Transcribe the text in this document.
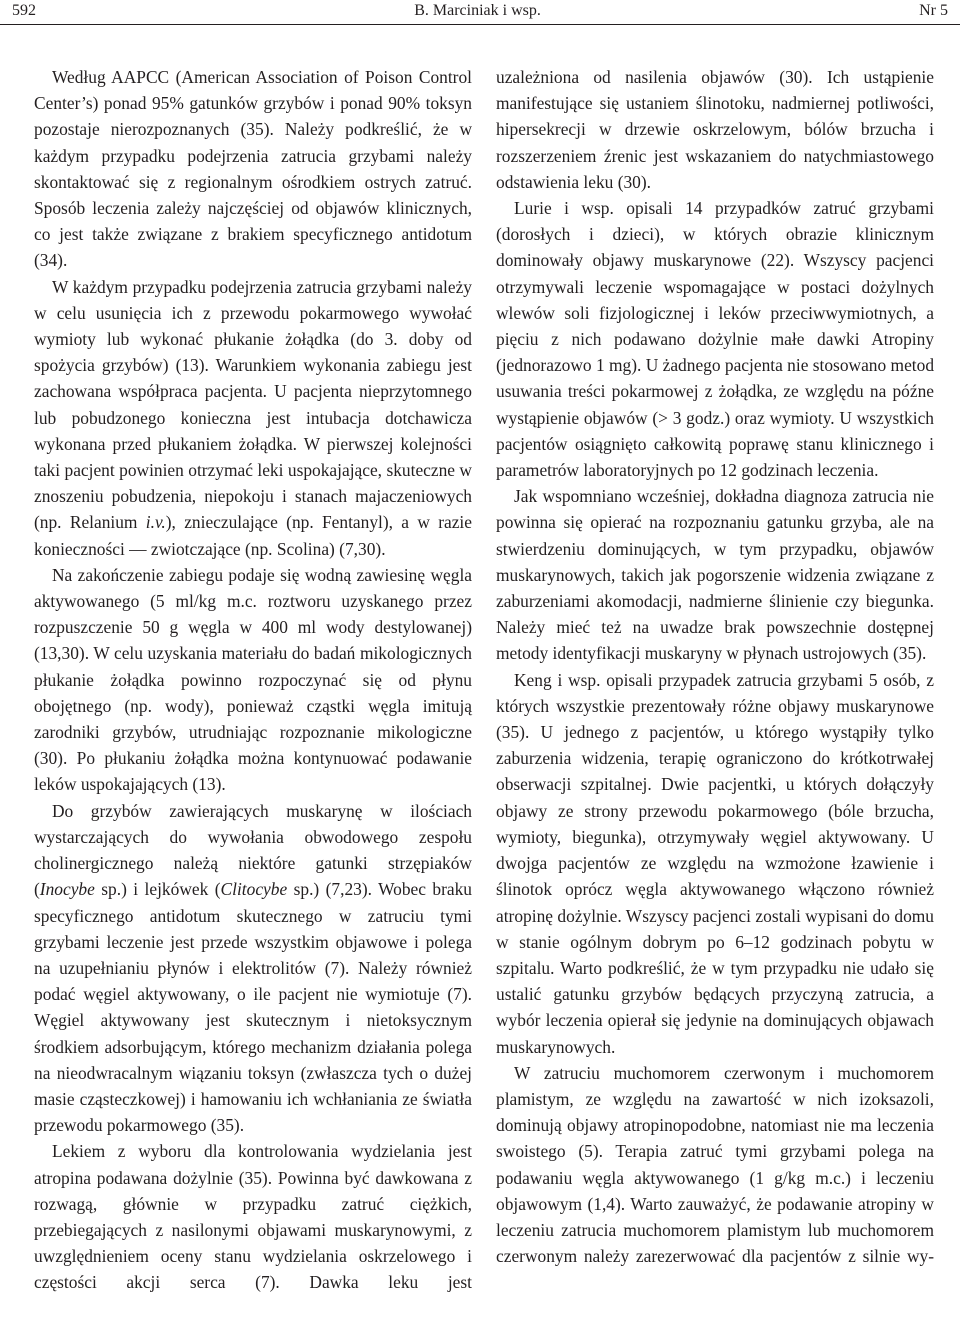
592	B. Marciniak i wsp.	Nr 5

Według AAPCC (American Association of Poison Control Center’s) ponad 95% gatunków grzybów i ponad 90% toksyn pozostaje nierozpoznanych (35). Należy podkreślić, że w każdym przypadku podejrzenia zatrucia grzybami należy skontaktować się z regionalnym ośrodkiem ostrych zatruć. Sposób leczenia zależy najczęściej od objawów klinicznych, co jest także związane z brakiem specyficznego antidotum (34).

W każdym przypadku podejrzenia zatrucia grzybami należy w celu usunięcia ich z przewodu pokarmowego wywołać wymioty lub wykonać płukanie żołądka (do 3. doby od spożycia grzybów) (13). Warunkiem wykonania zabiegu jest zachowana współpraca pacjenta. U pacjenta nieprzytomnego lub pobudzonego konieczna jest intubacja dotchawicza wykonana przed płukaniem żołądka. W pierwszej kolejności taki pacjent powinien otrzymać leki uspokajające, skuteczne w znoszeniu pobudzenia, niepokoju i stanach majaczeniowych (np. Relanium i.v.), znieczulające (np. Fentanyl), a w razie konieczności — zwiotczające (np. Scolina) (7,30).

Na zakończenie zabiegu podaje się wodną zawiesinę węgla aktywowanego (5 ml/kg m.c. roztworu uzyskanego przez rozpuszczenie 50 g węgla w 400 ml wody destylowanej) (13,30). W celu uzyskania materiału do badań mikologicznych płukanie żołądka powinno rozpoczynać się od płynu obojętnego (np. wody), ponieważ cząstki węgla imitują zarodniki grzybów, utrudniając rozpoznanie mikologiczne (30). Po płukaniu żołądka można kontynuować podawanie leków uspokajających (13).

Do grzybów zawierających muskarynę w ilościach wystarczających do wywołania obwodowego zespołu cholinergicznego należą niektóre gatunki strzępiaków (Inocybe sp.) i lejkówek (Clitocybe sp.) (7,23). Wobec braku specyficznego antidotum skutecznego w zatruciu tymi grzybami leczenie jest przede wszystkim objawowe i polega na uzupełnianiu płynów i elektrolitów (7). Należy również podać węgiel aktywowany, o ile pacjent nie wymiotuje (7). Węgiel aktywowany jest skutecznym i nietoksycznym środkiem adsorbującym, którego mechanizm działania polega na nieodwracalnym wiązaniu toksyn (zwłaszcza tych o dużej masie cząsteczkowej) i hamowaniu ich wchłaniania ze światła przewodu pokarmowego (35).

Lekiem z wyboru dla kontrolowania wydzielania jest atropina podawana dożylnie (35). Powinna być dawkowana z rozwagą, głównie w przypadku zatruć ciężkich, przebiegających z nasilonymi objawami muskarynowymi, z uwzględnieniem oceny stanu wydzielania oskrzelowego i częstości akcji serca (7). Dawka leku jest

uzależniona od nasilenia objawów (30). Ich ustąpienie manifestujące się ustaniem ślinotoku, nadmiernej potliwości, hipersekrecji w drzewie oskrzelowym, bólów brzucha i rozszerzeniem źrenic jest wskazaniem do natychmiastowego odstawienia leku (30).

Lurie i wsp. opisali 14 przypadków zatruć grzybami (dorosłych i dzieci), w których obrazie klinicznym dominowały objawy muskarynowe (22). Wszyscy pacjenci otrzymywali leczenie wspomagające w postaci dożylnych wlewów soli fizjologicznej i leków przeciwwymiotnych, a pięciu z nich podawano dożylnie małe dawki Atropiny (jednorazowo 1 mg). U żadnego pacjenta nie stosowano metod usuwania treści pokarmowej z żołądka, ze względu na późne wystąpienie objawów (> 3 godz.) oraz wymioty. U wszystkich pacjentów osiągnięto całkowitą poprawę stanu klinicznego i parametrów laboratoryjnych po 12 godzinach leczenia.

Jak wspomniano wcześniej, dokładna diagnoza zatrucia nie powinna się opierać na rozpoznaniu gatunku grzyba, ale na stwierdzeniu dominujących, w tym przypadku, objawów muskarynowych, takich jak pogorszenie widzenia związane z zaburzeniami akomodacji, nadmierne ślinienie czy biegunka. Należy mieć też na uwadze brak powszechnie dostępnej metody identyfikacji muskaryny w płynach ustrojowych (35).

Keng i wsp. opisali przypadek zatrucia grzybami 5 osób, z których wszystkie prezentowały różne objawy muskarynowe (35). U jednego z pacjentów, u którego wystąpiły tylko zaburzenia widzenia, terapię ograniczono do krótkotrwałej obserwacji szpitalnej. Dwie pacjentki, u których dołączyły objawy ze strony przewodu pokarmowego (bóle brzucha, wymioty, biegunka), otrzymywały węgiel aktywowany. U dwojga pacjentów ze względu na wzmożone łzawienie i ślinotok oprócz węgla aktywowanego włączono również atropinę dożylnie. Wszyscy pacjenci zostali wypisani do domu w stanie ogólnym dobrym po 6–12 godzinach pobytu w szpitalu. Warto podkreślić, że w tym przypadku nie udało się ustalić gatunku grzybów będących przyczyną zatrucia, a wybór leczenia opierał się jedynie na dominujących objawach muskarynowych.

W zatruciu muchomorem czerwonym i muchomorem plamistym, ze względu na zawartość w nich izoksazoli, dominują objawy atropinopodobne, natomiast nie ma leczenia swoistego (5). Terapia zatruć tymi grzybami polega na podawaniu węgla aktywowanego (1 g/kg m.c.) i leczeniu objawowym (1,4). Warto zauważyć, że podawanie atropiny w leczeniu zatrucia muchomorem plamistym lub muchomorem czerwonym należy zarezerwować dla pacjentów z silnie wy-
